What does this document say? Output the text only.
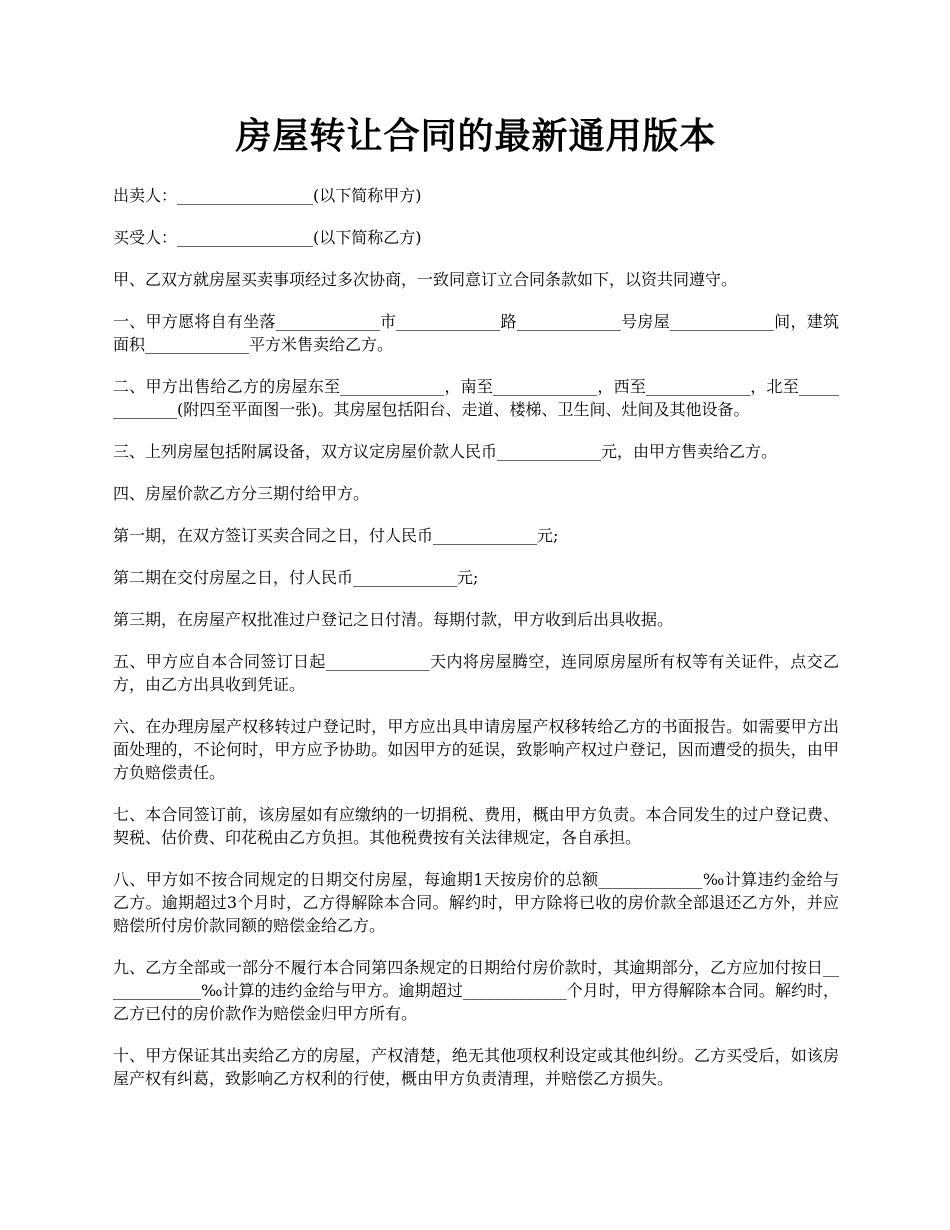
房屋转让合同的最新通用版本

出卖人：_________________(以下简称甲方)

买受人：_________________(以下简称乙方)

甲、乙双方就房屋买卖事项经过多次协商，一致同意订立合同条款如下，以资共同遵守。

一、甲方愿将自有坐落_____________市_____________路_____________号房屋_____________间，建筑面积_____________平方米售卖给乙方。

二、甲方出售给乙方的房屋东至_____________，南至_____________，西至_____________，北至_____________(附四至平面图一张)。其房屋包括阳台、走道、楼梯、卫生间、灶间及其他设备。

三、上列房屋包括附属设备，双方议定房屋价款人民币_____________元，由甲方售卖给乙方。

四、房屋价款乙方分三期付给甲方。

第一期，在双方签订买卖合同之日，付人民币_____________元;

第二期在交付房屋之日，付人民币_____________元;

第三期，在房屋产权批准过户登记之日付清。每期付款，甲方收到后出具收据。

五、甲方应自本合同签订日起_____________天内将房屋腾空，连同原房屋所有权等有关证件，点交乙方，由乙方出具收到凭证。

六、在办理房屋产权移转过户登记时，甲方应出具申请房屋产权移转给乙方的书面报告。如需要甲方出面处理的，不论何时，甲方应予协助。如因甲方的延误，致影响产权过户登记，因而遭受的损失，由甲方负赔偿责任。

七、本合同签订前，该房屋如有应缴纳的一切捐税、费用，概由甲方负责。本合同发生的过户登记费、契税、估价费、印花税由乙方负担。其他税费按有关法律规定，各自承担。

八、甲方如不按合同规定的日期交付房屋，每逾期1天按房价的总额_____________‰计算违约金给与乙方。逾期超过3个月时，乙方得解除本合同。解约时，甲方除将已收的房价款全部退还乙方外，并应赔偿所付房价款同额的赔偿金给乙方。

九、乙方全部或一部分不履行本合同第四条规定的日期给付房价款时，其逾期部分，乙方应加付按日_____________‰计算的违约金给与甲方。逾期超过_____________个月时，甲方得解除本合同。解约时，乙方已付的房价款作为赔偿金归甲方所有。

十、甲方保证其出卖给乙方的房屋，产权清楚，绝无其他项权利设定或其他纠纷。乙方买受后，如该房屋产权有纠葛，致影响乙方权利的行使，概由甲方负责清理，并赔偿乙方损失。
